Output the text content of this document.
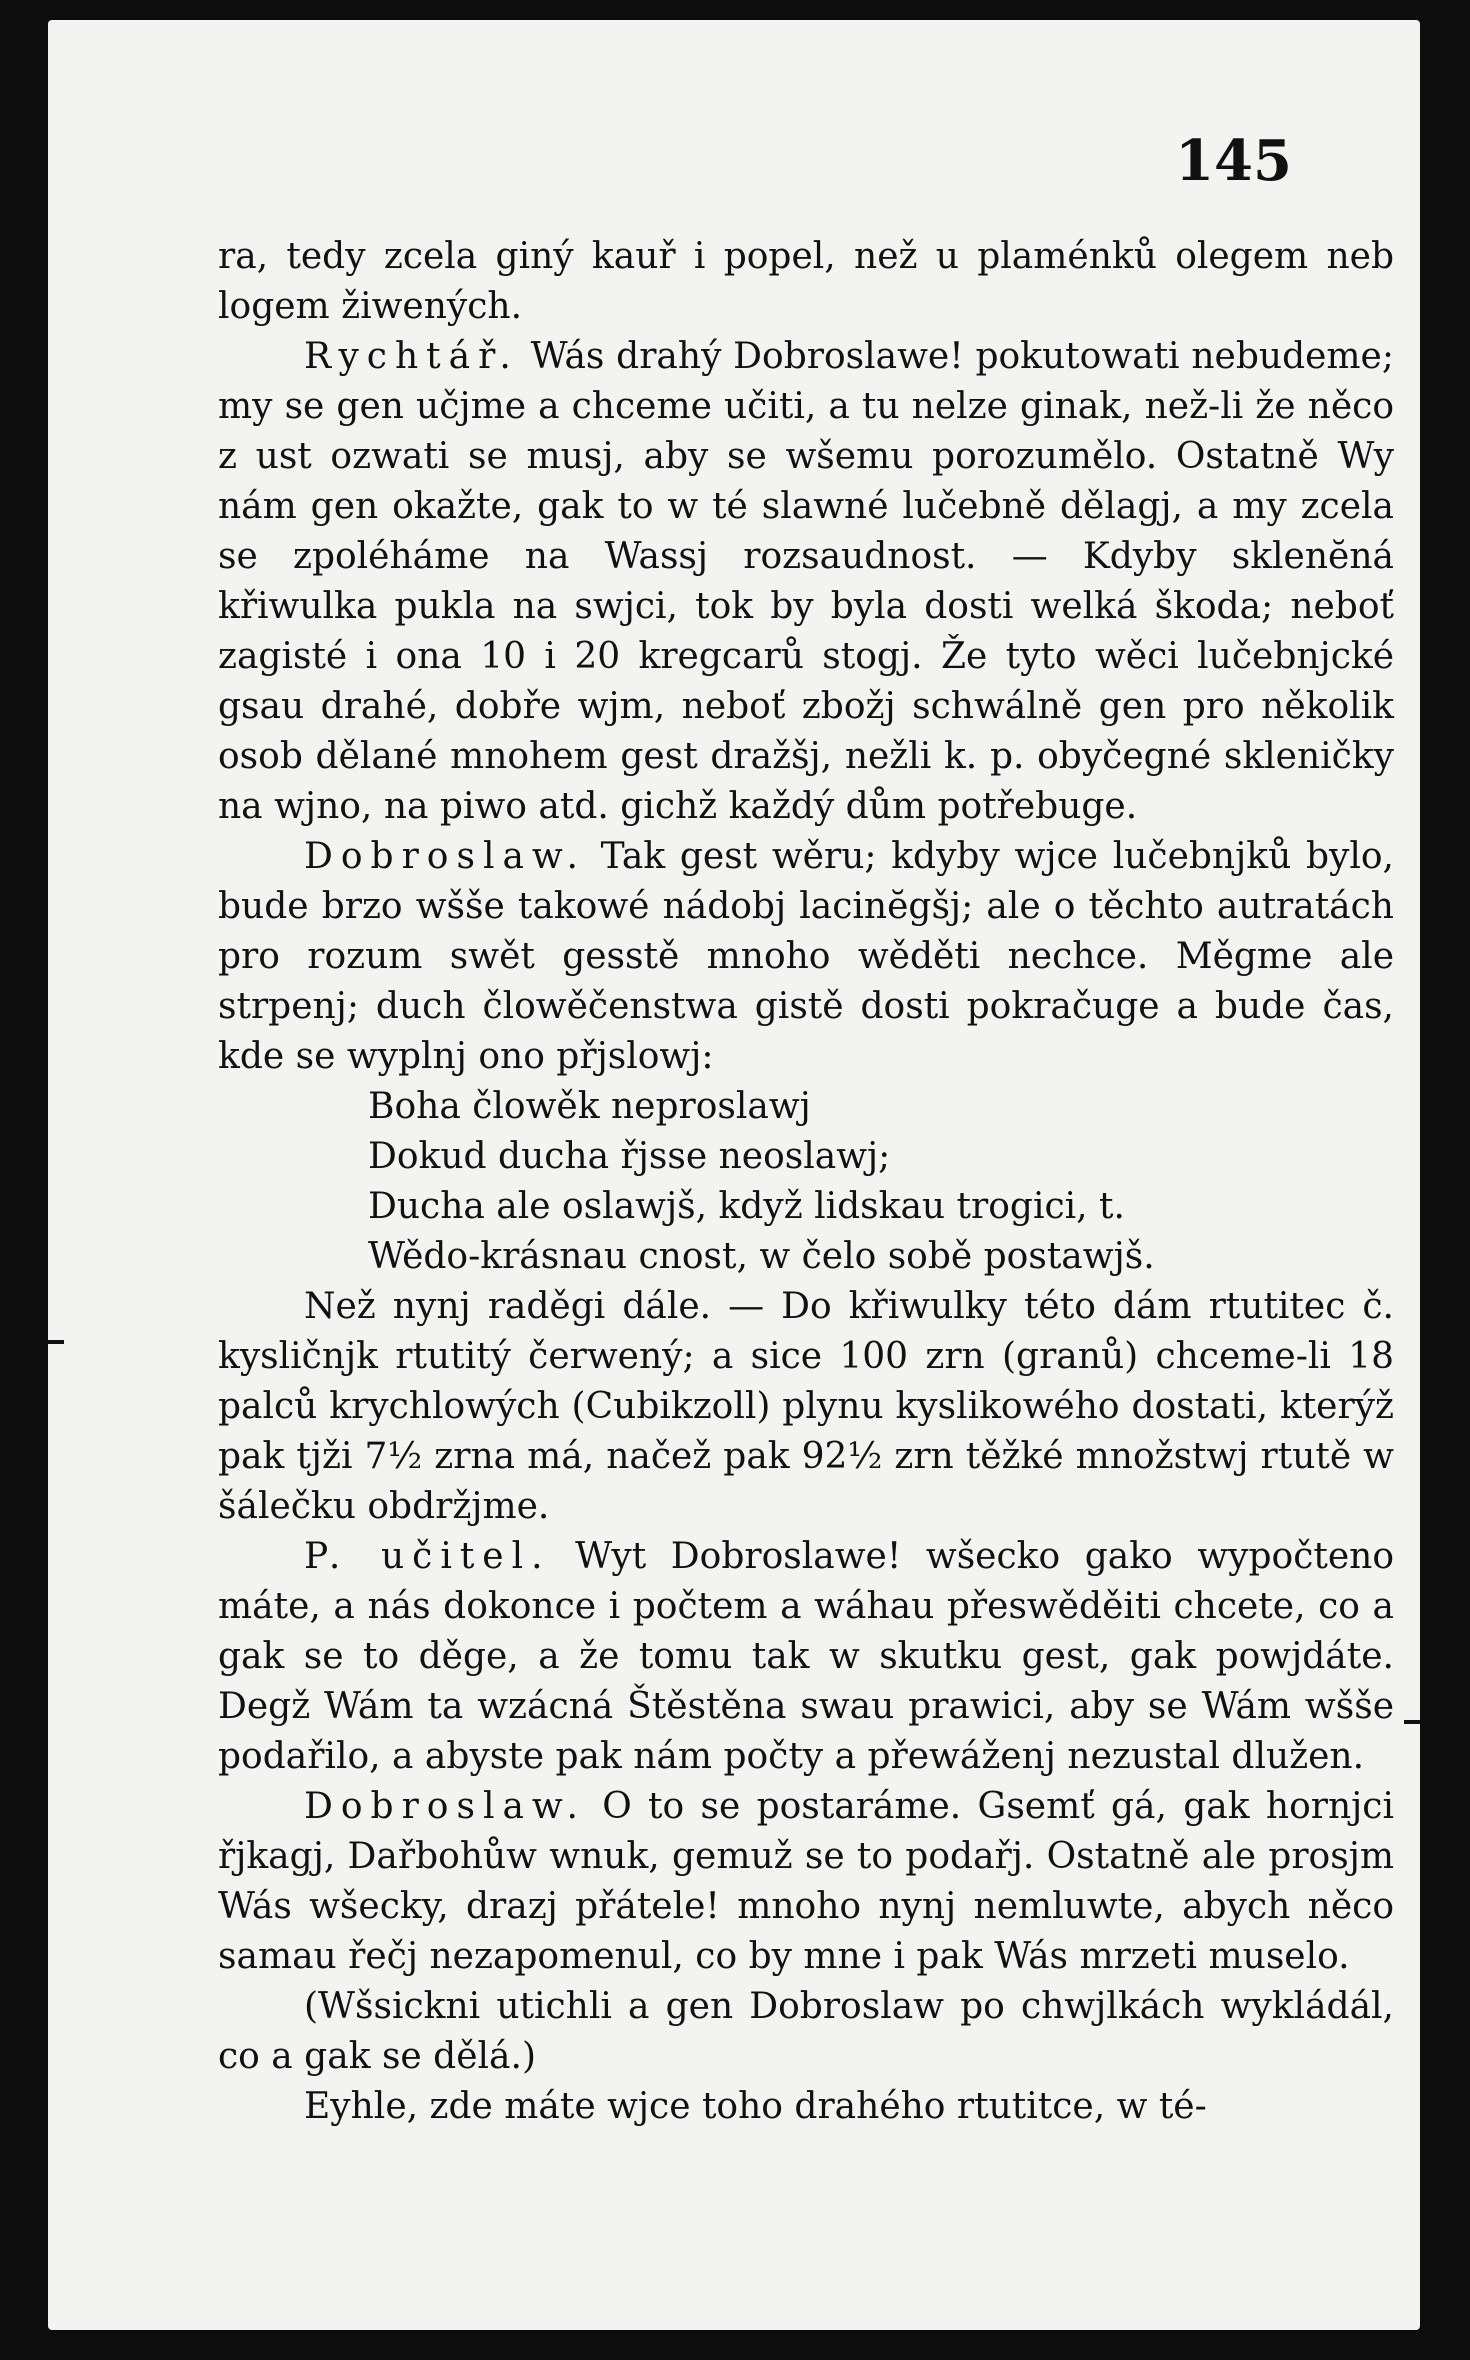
145

ra, tedy zcela giný kauř i popel, než u plaménků olegem neb logem žiwených.

Rychtář. Wás drahý Dobroslawe! pokutowati nebudeme; my se gen učjme a chceme učiti, a tu nelze ginak, než-li že něco z ust ozwati se musj, aby se wšemu porozumělo. Ostatně Wy nám gen okažte, gak to w té slawné lučebně dělagj, a my zcela se zpoléháme na Wassj rozsaudnost. — Kdyby sklenĕná křiwulka pukla na swjci, tok by byla dosti welká škoda; neboť zagisté i ona 10 i 20 kregcarů stogj. Že tyto wěci lučebnjcké gsau drahé, dobře wjm, neboť zbožj schwálně gen pro několik osob dělané mnohem gest dražšj, nežli k. p. obyčegné skleničky na wjno, na piwo atd. gichž každý dům potřebuge.

Dobroslaw. Tak gest wěru; kdyby wjce lučebnjků bylo, bude brzo wšše takowé nádobj lacinĕgšj; ale o těchto autratách pro rozum swět gesstě mnoho wěděti nechce. Měgme ale strpenj; duch člowěčenstwa gistě dosti pokračuge a bude čas, kde se wyplnj ono přjslowj:

Boha člowěk neproslawj
Dokud ducha řjsse neoslawj;
Ducha ale oslawjš, když lidskau trogici, t.
Wědo-krásnau cnost, w čelo sobě postawjš.

Než nynj raděgi dále. — Do křiwulky této dám rtutitec č. kysličnjk rtutitý čerwený; a sice 100 zrn (granů) chceme-li 18 palců krychlowých (Cubikzoll) plynu kyslikowého dostati, kterýž pak tjži 7½ zrna má, načež pak 92½ zrn těžké množstwj rtutě w šálečku obdržjme.

P. učitel. Wyt Dobroslawe! wšecko gako wypočteno máte, a nás dokonce i počtem a wáhau přeswěděiti chcete, co a gak se to děge, a že tomu tak w skutku gest, gak powjdáte. Degž Wám ta wzácná Štěstěna swau prawici, aby se Wám wšše podařilo, a abyste pak nám počty a přewáženj nezustal dlužen.

Dobroslaw. O to se postaráme. Gsemť gá, gak hornjci řjkagj, Dařbohůw wnuk, gemuž se to podařj. Ostatně ale prosjm Wás wšecky, drazj přátele! mnoho nynj nemluwte, abych něco samau řečj nezapomenul, co by mne i pak Wás mrzeti muselo.

(Wšsickni utichli a gen Dobroslaw po chwjlkách wykládál, co a gak se dělá.)

Eyhle, zde máte wjce toho drahého rtutitce, w té-
